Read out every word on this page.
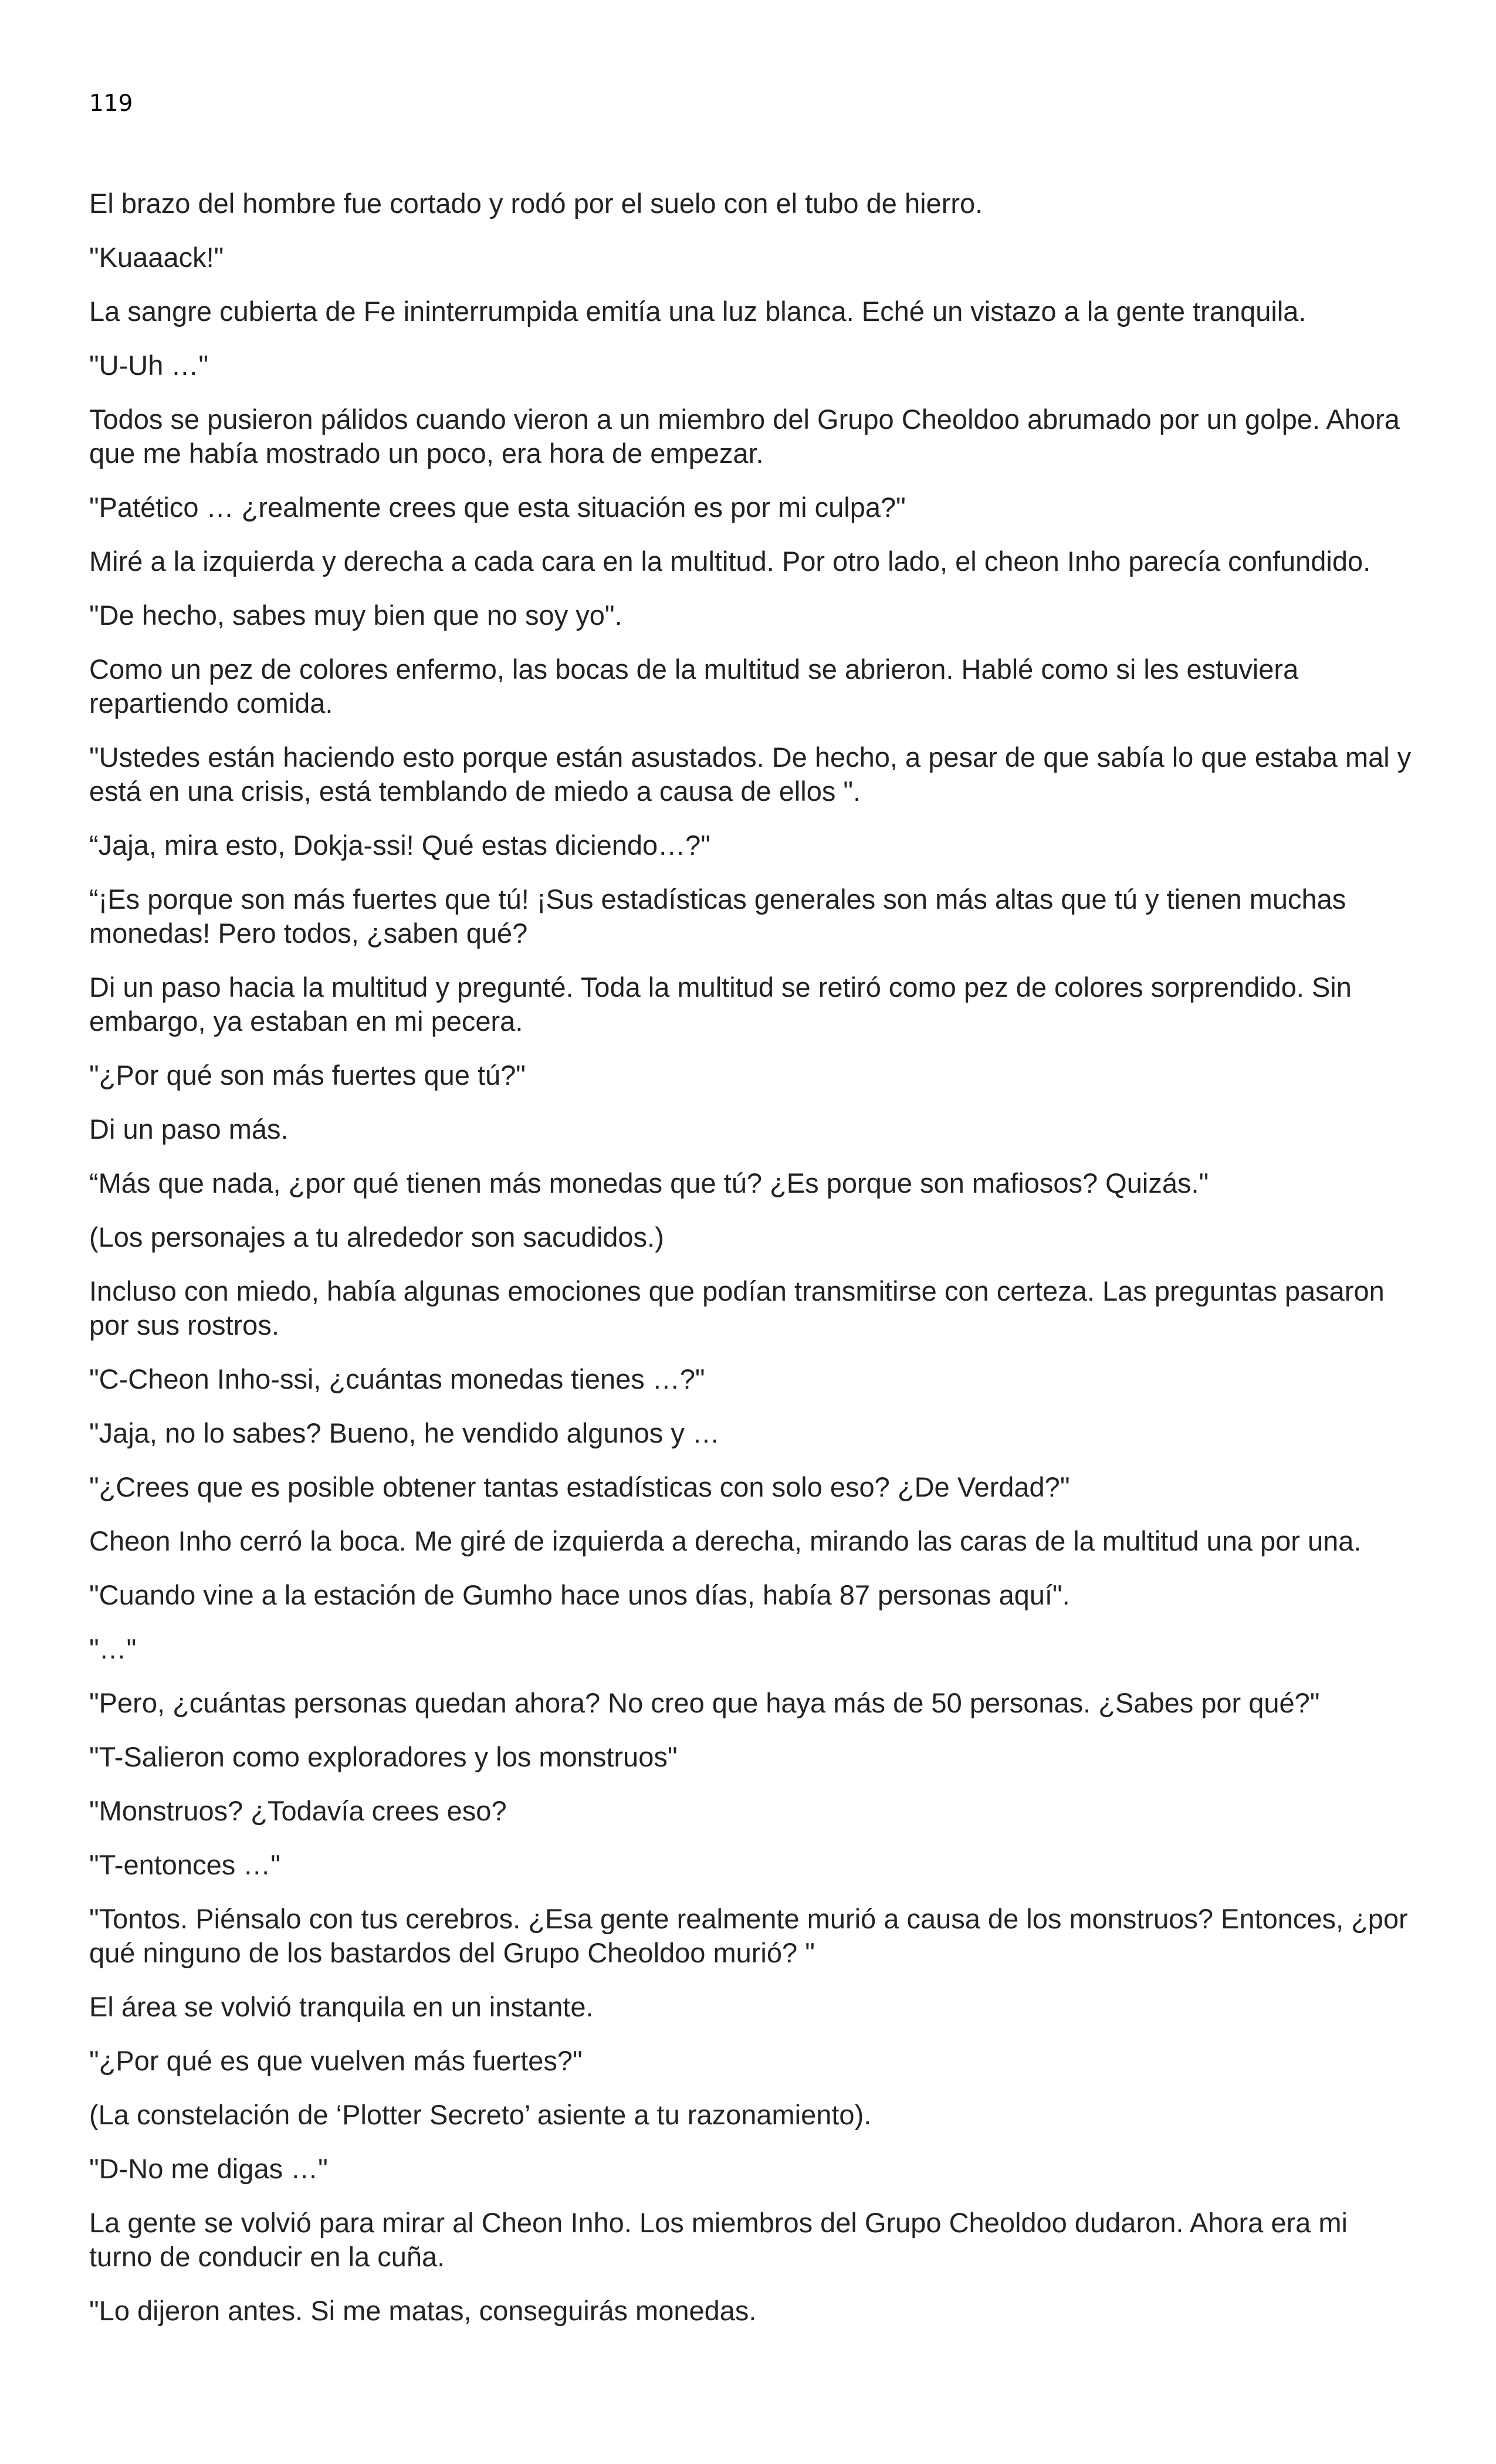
119

El brazo del hombre fue cortado y rodó por el suelo con el tubo de hierro.

"Kuaaack!"

La sangre cubierta de Fe ininterrumpida emitía una luz blanca. Eché un vistazo a la gente tranquila.

"U-Uh …"

Todos se pusieron pálidos cuando vieron a un miembro del Grupo Cheoldoo abrumado por un golpe. Ahora que me había mostrado un poco, era hora de empezar.

"Patético … ¿realmente crees que esta situación es por mi culpa?"

Miré a la izquierda y derecha a cada cara en la multitud. Por otro lado, el cheon Inho parecía confundido.

"De hecho, sabes muy bien que no soy yo".

Como un pez de colores enfermo, las bocas de la multitud se abrieron. Hablé como si les estuviera repartiendo comida.

"Ustedes están haciendo esto porque están asustados. De hecho, a pesar de que sabía lo que estaba mal y está en una crisis, está temblando de miedo a causa de ellos ".

“Jaja, mira esto, Dokja-ssi! Qué estas diciendo…?"

“¡Es porque son más fuertes que tú! ¡Sus estadísticas generales son más altas que tú y tienen muchas monedas! Pero todos, ¿saben qué?

Di un paso hacia la multitud y pregunté. Toda la multitud se retiró como pez de colores sorprendido. Sin embargo, ya estaban en mi pecera.

"¿Por qué son más fuertes que tú?"

Di un paso más.

“Más que nada, ¿por qué tienen más monedas que tú? ¿Es porque son mafiosos? Quizás."

(Los personajes a tu alrededor son sacudidos.)

Incluso con miedo, había algunas emociones que podían transmitirse con certeza. Las preguntas pasaron por sus rostros.

"C-Cheon Inho-ssi, ¿cuántas monedas tienes …?"

"Jaja, no lo sabes? Bueno, he vendido algunos y …

"¿Crees que es posible obtener tantas estadísticas con solo eso? ¿De Verdad?"

Cheon Inho cerró la boca. Me giré de izquierda a derecha, mirando las caras de la multitud una por una.

"Cuando vine a la estación de Gumho hace unos días, había 87 personas aquí".

"…"

"Pero, ¿cuántas personas quedan ahora? No creo que haya más de 50 personas. ¿Sabes por qué?"

"T-Salieron como exploradores y los monstruos"

"Monstruos? ¿Todavía crees eso?

"T-entonces …"

"Tontos. Piénsalo con tus cerebros. ¿Esa gente realmente murió a causa de los monstruos? Entonces, ¿por qué ninguno de los bastardos del Grupo Cheoldoo murió? "

El área se volvió tranquila en un instante.

"¿Por qué es que vuelven más fuertes?"

(La constelación de ‘Plotter Secreto’ asiente a tu razonamiento).

"D-No me digas …"

La gente se volvió para mirar al Cheon Inho. Los miembros del Grupo Cheoldoo dudaron. Ahora era mi turno de conducir en la cuña.

"Lo dijeron antes. Si me matas, conseguirás monedas.
